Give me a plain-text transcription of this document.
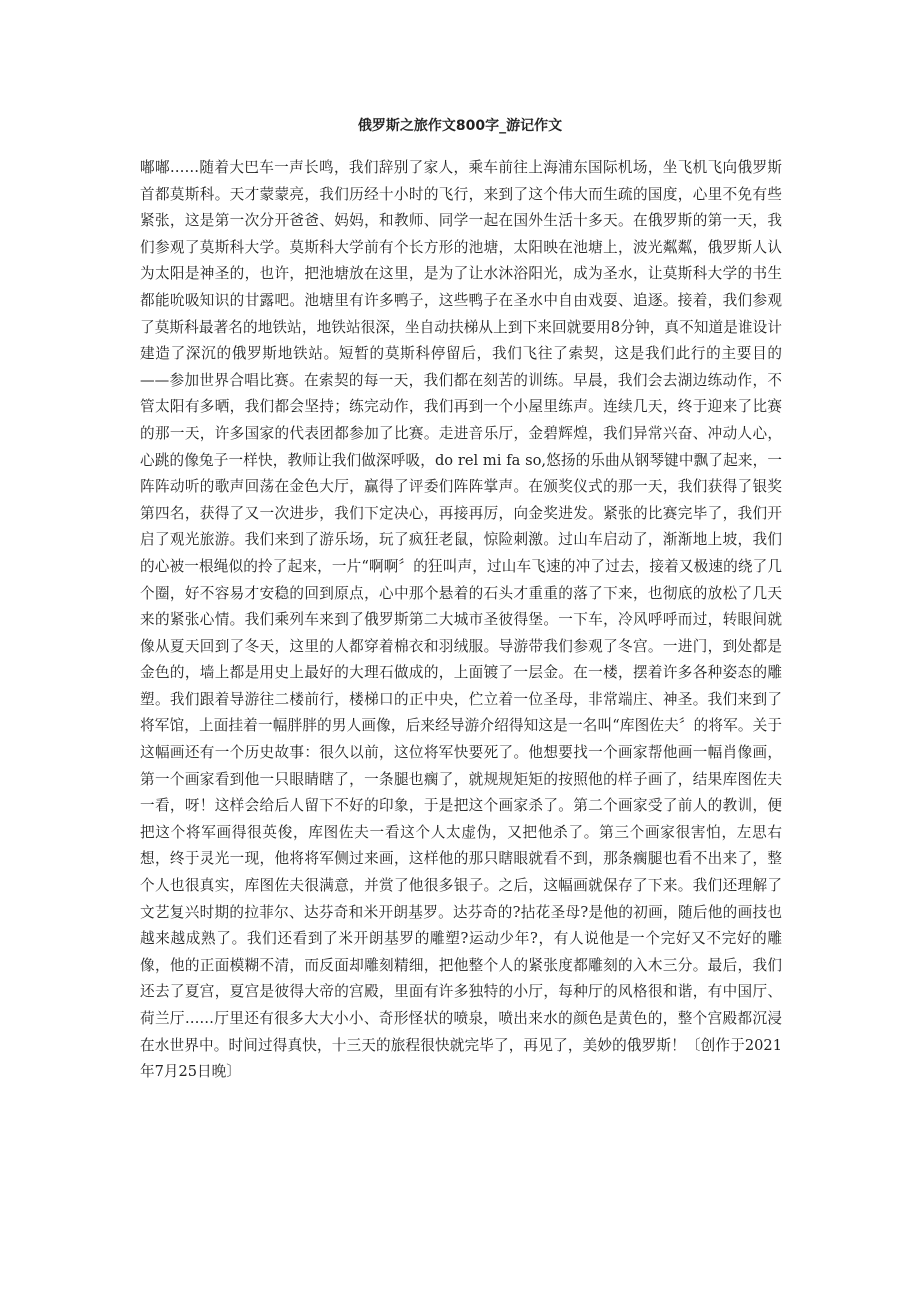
俄罗斯之旅作文800字_游记作文

嘟嘟……随着大巴车一声长鸣，我们辞别了家人，乘车前往上海浦东国际机场，坐飞机飞向俄罗斯首都莫斯科。天才蒙蒙亮，我们历经十小时的飞行，来到了这个伟大而生疏的国度，心里不免有些紧张，这是第一次分开爸爸、妈妈，和教师、同学一起在国外生活十多天。在俄罗斯的第一天，我们参观了莫斯科大学。莫斯科大学前有个长方形的池塘，太阳映在池塘上，波光粼粼，俄罗斯人认为太阳是神圣的，也许，把池塘放在这里，是为了让水沐浴阳光，成为圣水，让莫斯科大学的书生都能吮吸知识的甘露吧。池塘里有许多鸭子，这些鸭子在圣水中自由戏耍、追逐。接着，我们参观了莫斯科最著名的地铁站，地铁站很深，坐自动扶梯从上到下来回就要用8分钟，真不知道是谁设计建造了深沉的俄罗斯地铁站。短暂的莫斯科停留后，我们飞往了索契，这是我们此行的主要目的——参加世界合唱比赛。在索契的每一天，我们都在刻苦的训练。早晨，我们会去湖边练动作，不管太阳有多晒，我们都会坚持；练完动作，我们再到一个小屋里练声。连续几天，终于迎来了比赛的那一天，许多国家的代表团都参加了比赛。走进音乐厅，金碧辉煌，我们异常兴奋、冲动人心，心跳的像兔子一样快，教师让我们做深呼吸，do rel mi fa so,悠扬的乐曲从钢琴键中飘了起来，一阵阵动听的歌声回荡在金色大厅，赢得了评委们阵阵掌声。在颁奖仪式的那一天，我们获得了银奖第四名，获得了又一次进步，我们下定决心，再接再厉，向金奖进发。紧张的比赛完毕了，我们开启了观光旅游。我们来到了游乐场，玩了疯狂老鼠，惊险刺激。过山车启动了，渐渐地上坡，我们的心被一根绳似的拎了起来，一片“啊啊〞的狂叫声，过山车飞速的冲了过去，接着又极速的绕了几个圈，好不容易才安稳的回到原点，心中那个悬着的石头才重重的落了下来，也彻底的放松了几天来的紧张心情。我们乘列车来到了俄罗斯第二大城市圣彼得堡。一下车，冷风呼呼而过，转眼间就像从夏天回到了冬天，这里的人都穿着棉衣和羽绒服。导游带我们参观了冬宫。一进门，到处都是金色的，墙上都是用史上最好的大理石做成的，上面镀了一层金。在一楼，摆着许多各种姿态的雕塑。我们跟着导游往二楼前行，楼梯口的正中央，伫立着一位圣母，非常端庄、神圣。我们来到了将军馆，上面挂着一幅胖胖的男人画像，后来经导游介绍得知这是一名叫“库图佐夫〞的将军。关于这幅画还有一个历史故事：很久以前，这位将军快要死了。他想要找一个画家帮他画一幅肖像画，第一个画家看到他一只眼睛瞎了，一条腿也瘸了，就规规矩矩的按照他的样子画了，结果库图佐夫一看，呀！这样会给后人留下不好的印象，于是把这个画家杀了。第二个画家受了前人的教训，便把这个将军画得很英俊，库图佐夫一看这个人太虚伪，又把他杀了。第三个画家很害怕，左思右想，终于灵光一现，他将将军侧过来画，这样他的那只瞎眼就看不到，那条瘸腿也看不出来了，整个人也很真实，库图佐夫很满意，并赏了他很多银子。之后，这幅画就保存了下来。我们还理解了文艺复兴时期的拉菲尔、达芬奇和米开朗基罗。达芬奇的?拈花圣母?是他的初画，随后他的画技也越来越成熟了。我们还看到了米开朗基罗的雕塑?运动少年?，有人说他是一个完好又不完好的雕像，他的正面模糊不清，而反面却雕刻精细，把他整个人的紧张度都雕刻的入木三分。最后，我们还去了夏宫，夏宫是彼得大帝的宫殿，里面有许多独特的小厅，每种厅的风格很和谐，有中国厅、荷兰厅……厅里还有很多大大小小、奇形怪状的喷泉，喷出来水的颜色是黄色的，整个宫殿都沉浸在水世界中。时间过得真快，十三天的旅程很快就完毕了，再见了，美妙的俄罗斯！〔创作于2021年7月25日晚〕
